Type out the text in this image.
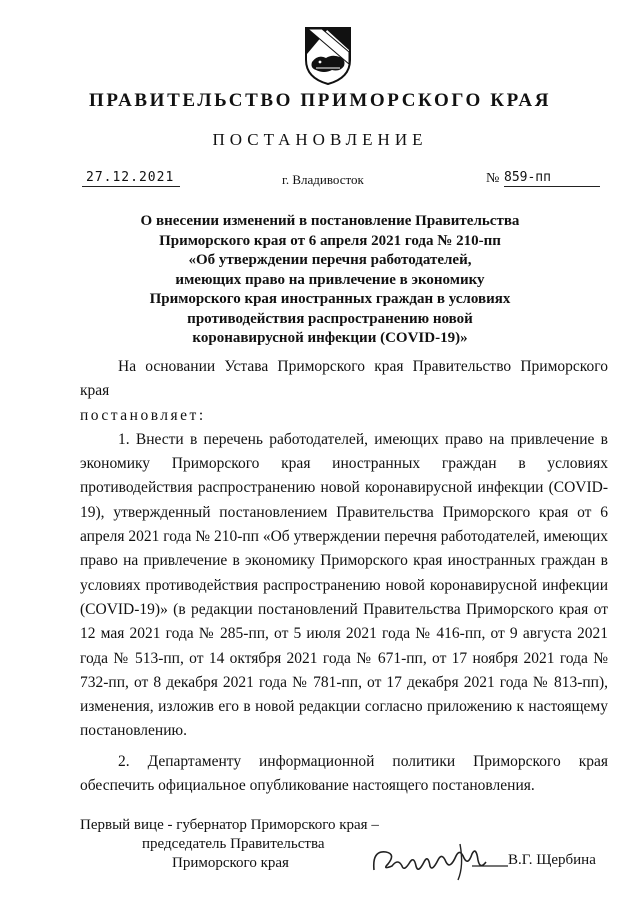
ПРАВИТЕЛЬСТВО ПРИМОРСКОГО КРАЯ
ПОСТАНОВЛЕНИЕ
27.12.2021	г. Владивосток	№ 859-пп
О внесении изменений в постановление Правительства
Приморского края от 6 апреля 2021 года № 210-пп
«Об утверждении перечня работодателей,
имеющих право на привлечение в экономику
Приморского края иностранных граждан в условиях
противодействия распространению новой
коронавирусной инфекции (COVID-19)»

На основании Устава Приморского края Правительство Приморского края

постановляет:

1. Внести в перечень работодателей, имеющих право на привлечение в экономику Приморского края иностранных граждан в условиях противодействия распространению новой коронавирусной инфекции (COVID-19), утвержденный постановлением Правительства Приморского края от 6 апреля 2021 года № 210-пп «Об утверждении перечня работодателей, имеющих право на привлечение в экономику Приморского края иностранных граждан в условиях противодействия распространению новой коронавирусной инфекции (COVID-19)» (в редакции постановлений Правительства Приморского края от 12 мая 2021 года № 285-пп, от 5 июля 2021 года № 416-пп, от 9 августа 2021 года № 513-пп, от 14 октября 2021 года № 671-пп, от 17 ноября 2021 года № 732-пп, от 8 декабря 2021 года № 781-пп, от 17 декабря 2021 года № 813-пп), изменения, изложив его в новой редакции согласно приложению к настоящему постановлению.

2. Департаменту информационной политики Приморского края обеспечить официальное опубликование настоящего постановления.

Первый вице - губернатор Приморского края –
председатель Правительства
Приморского края	В.Г. Щербина
